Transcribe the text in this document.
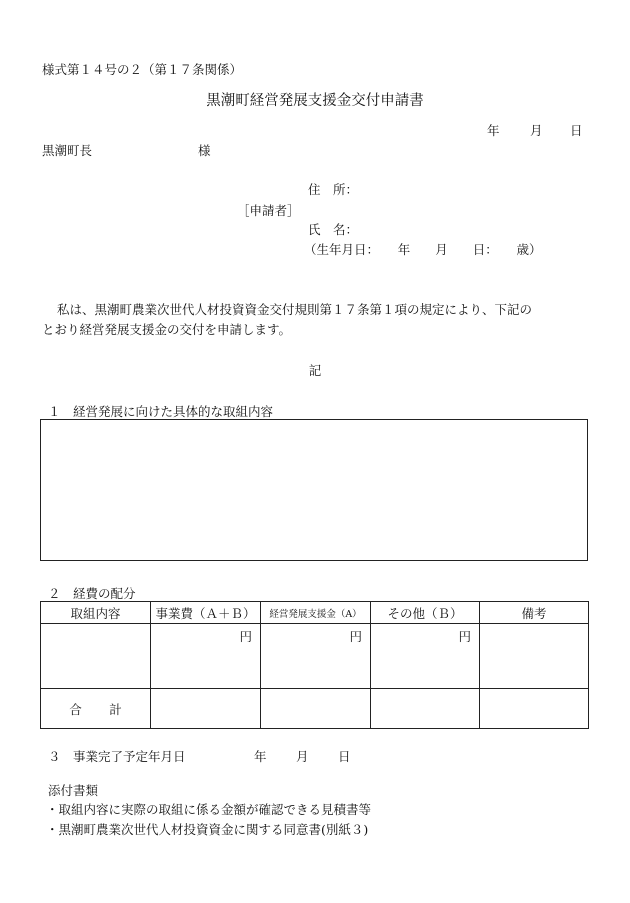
様式第１４号の２（第１７条関係）
黒潮町経営発展支援金交付申請書
年 月 日
黒潮町長	様
住　所：
［申請者］
氏　名：
（生年月日：　　年　　月　　日：　　歳）
私は、黒潮町農業次世代人材投資資金交付規則第１７条第１項の規定により、下記の
とおり経営発展支援金の交付を申請します。
記
１　経営発展に向けた具体的な取組内容
２　経費の配分
取組内容	事業費（Ａ＋Ｂ）	経営発展支援金（A）	その他（Ｂ）	備考
	円	円	円	
合計				
３　事業完了予定年月日	年 月 日
添付書類
・取組内容に実際の取組に係る金額が確認できる見積書等
・黒潮町農業次世代人材投資資金に関する同意書(別紙３)
